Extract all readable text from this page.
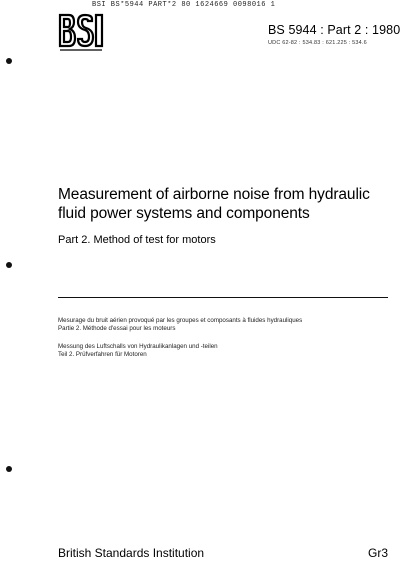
BSI BS*5944 PART*2 80 1624669 0098016 1
BS 5944 : Part 2 : 1980
UDC 62-82 : 534.83 : 621.225 : 534.6
Measurement of airborne noise from hydraulic fluid power systems and components
Part 2. Method of test for motors
Mesurage du bruit aérien provoqué par les groupes et composants à fluides hydrauliques
Partie 2. Méthode d'essai pour les moteurs
Messung des Luftschalls von Hydraulikanlagen und -teilen
Teil 2. Prüfverfahren für Motoren
British Standards Institution	Gr3
